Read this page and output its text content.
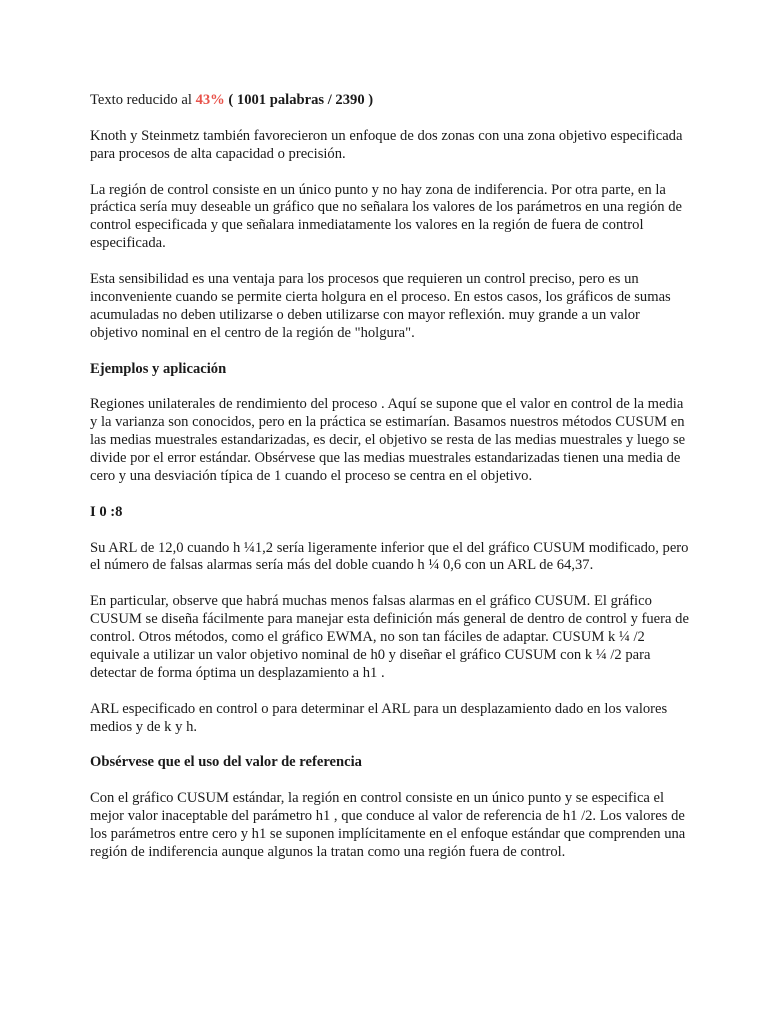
Texto reducido al 43% ( 1001 palabras / 2390 )

Knoth y Steinmetz también favorecieron un enfoque de dos zonas con una zona objetivo especificada para procesos de alta capacidad o precisión.

La región de control consiste en un único punto y no hay zona de indiferencia. Por otra parte, en la práctica sería muy deseable un gráfico que no señalara los valores de los parámetros en una región de control especificada y que señalara inmediatamente los valores en la región de fuera de control especificada.

Esta sensibilidad es una ventaja para los procesos que requieren un control preciso, pero es un inconveniente cuando se permite cierta holgura en el proceso. En estos casos, los gráficos de sumas acumuladas no deben utilizarse o deben utilizarse con mayor reflexión. muy grande a un valor objetivo nominal en el centro de la región de "holgura".

Ejemplos y aplicación

Regiones unilaterales de rendimiento del proceso . Aquí se supone que el valor en control de la media y la varianza son conocidos, pero en la práctica se estimarían. Basamos nuestros métodos CUSUM en las medias muestrales estandarizadas, es decir, el objetivo se resta de las medias muestrales y luego se divide por el error estándar. Obsérvese que las medias muestrales estandarizadas tienen una media de cero y una desviación típica de 1 cuando el proceso se centra en el objetivo.

I 0 :8

Su ARL de 12,0 cuando h ¼1,2 sería ligeramente inferior que el del gráfico CUSUM modificado, pero el número de falsas alarmas sería más del doble cuando h ¼ 0,6 con un ARL de 64,37.

En particular, observe que habrá muchas menos falsas alarmas en el gráfico CUSUM. El gráfico CUSUM se diseña fácilmente para manejar esta definición más general de dentro de control y fuera de control. Otros métodos, como el gráfico EWMA, no son tan fáciles de adaptar. CUSUM k ¼ /2 equivale a utilizar un valor objetivo nominal de h0 y diseñar el gráfico CUSUM con k ¼ /2 para detectar de forma óptima un desplazamiento a h1 .

ARL especificado en control o para determinar el ARL para un desplazamiento dado en los valores medios y de k y h.

Obsérvese que el uso del valor de referencia

Con el gráfico CUSUM estándar, la región en control consiste en un único punto y se especifica el mejor valor inaceptable del parámetro h1 , que conduce al valor de referencia de h1 /2. Los valores de los parámetros entre cero y h1 se suponen implícitamente en el enfoque estándar que comprenden una región de indiferencia aunque algunos la tratan como una región fuera de control.
